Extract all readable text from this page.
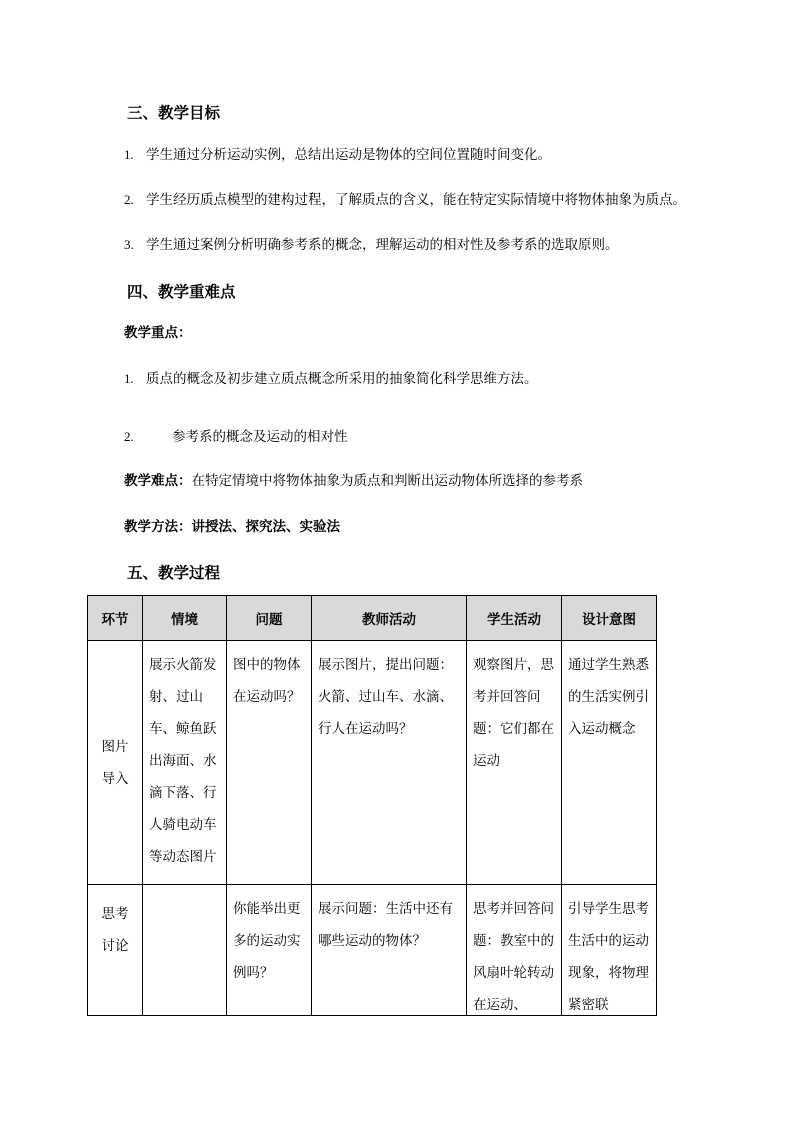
三、教学目标
1. 学生通过分析运动实例，总结出运动是物体的空间位置随时间变化。
2. 学生经历质点模型的建构过程，了解质点的含义，能在特定实际情境中将物体抽象为质点。
3. 学生通过案例分析明确参考系的概念，理解运动的相对性及参考系的选取原则。
四、教学重难点
教学重点：
1. 质点的概念及初步建立质点概念所采用的抽象简化科学思维方法。
2.	参考系的概念及运动的相对性
教学难点：在特定情境中将物体抽象为质点和判断出运动物体所选择的参考系
教学方法：讲授法、探究法、实验法
五、教学过程
环节	情境	问题	教师活动	学生活动	设计意图

图片导入	展示火箭发射、过山车、鲸鱼跃出海面、水滴下落、行人骑电动车等动态图片	图中的物体在运动吗？	展示图片，提出问题：火箭、过山车、水滴、行人在运动吗？	观察图片，思考并回答问题：它们都在运动	通过学生熟悉的生活实例引入运动概念

思考讨论		你能举出更多的运动实例吗？	展示问题：生活中还有哪些运动的物体？	思考并回答问题：教室中的风扇叶轮转动在运动、	引导学生思考生活中的运动现象，将物理紧密联
